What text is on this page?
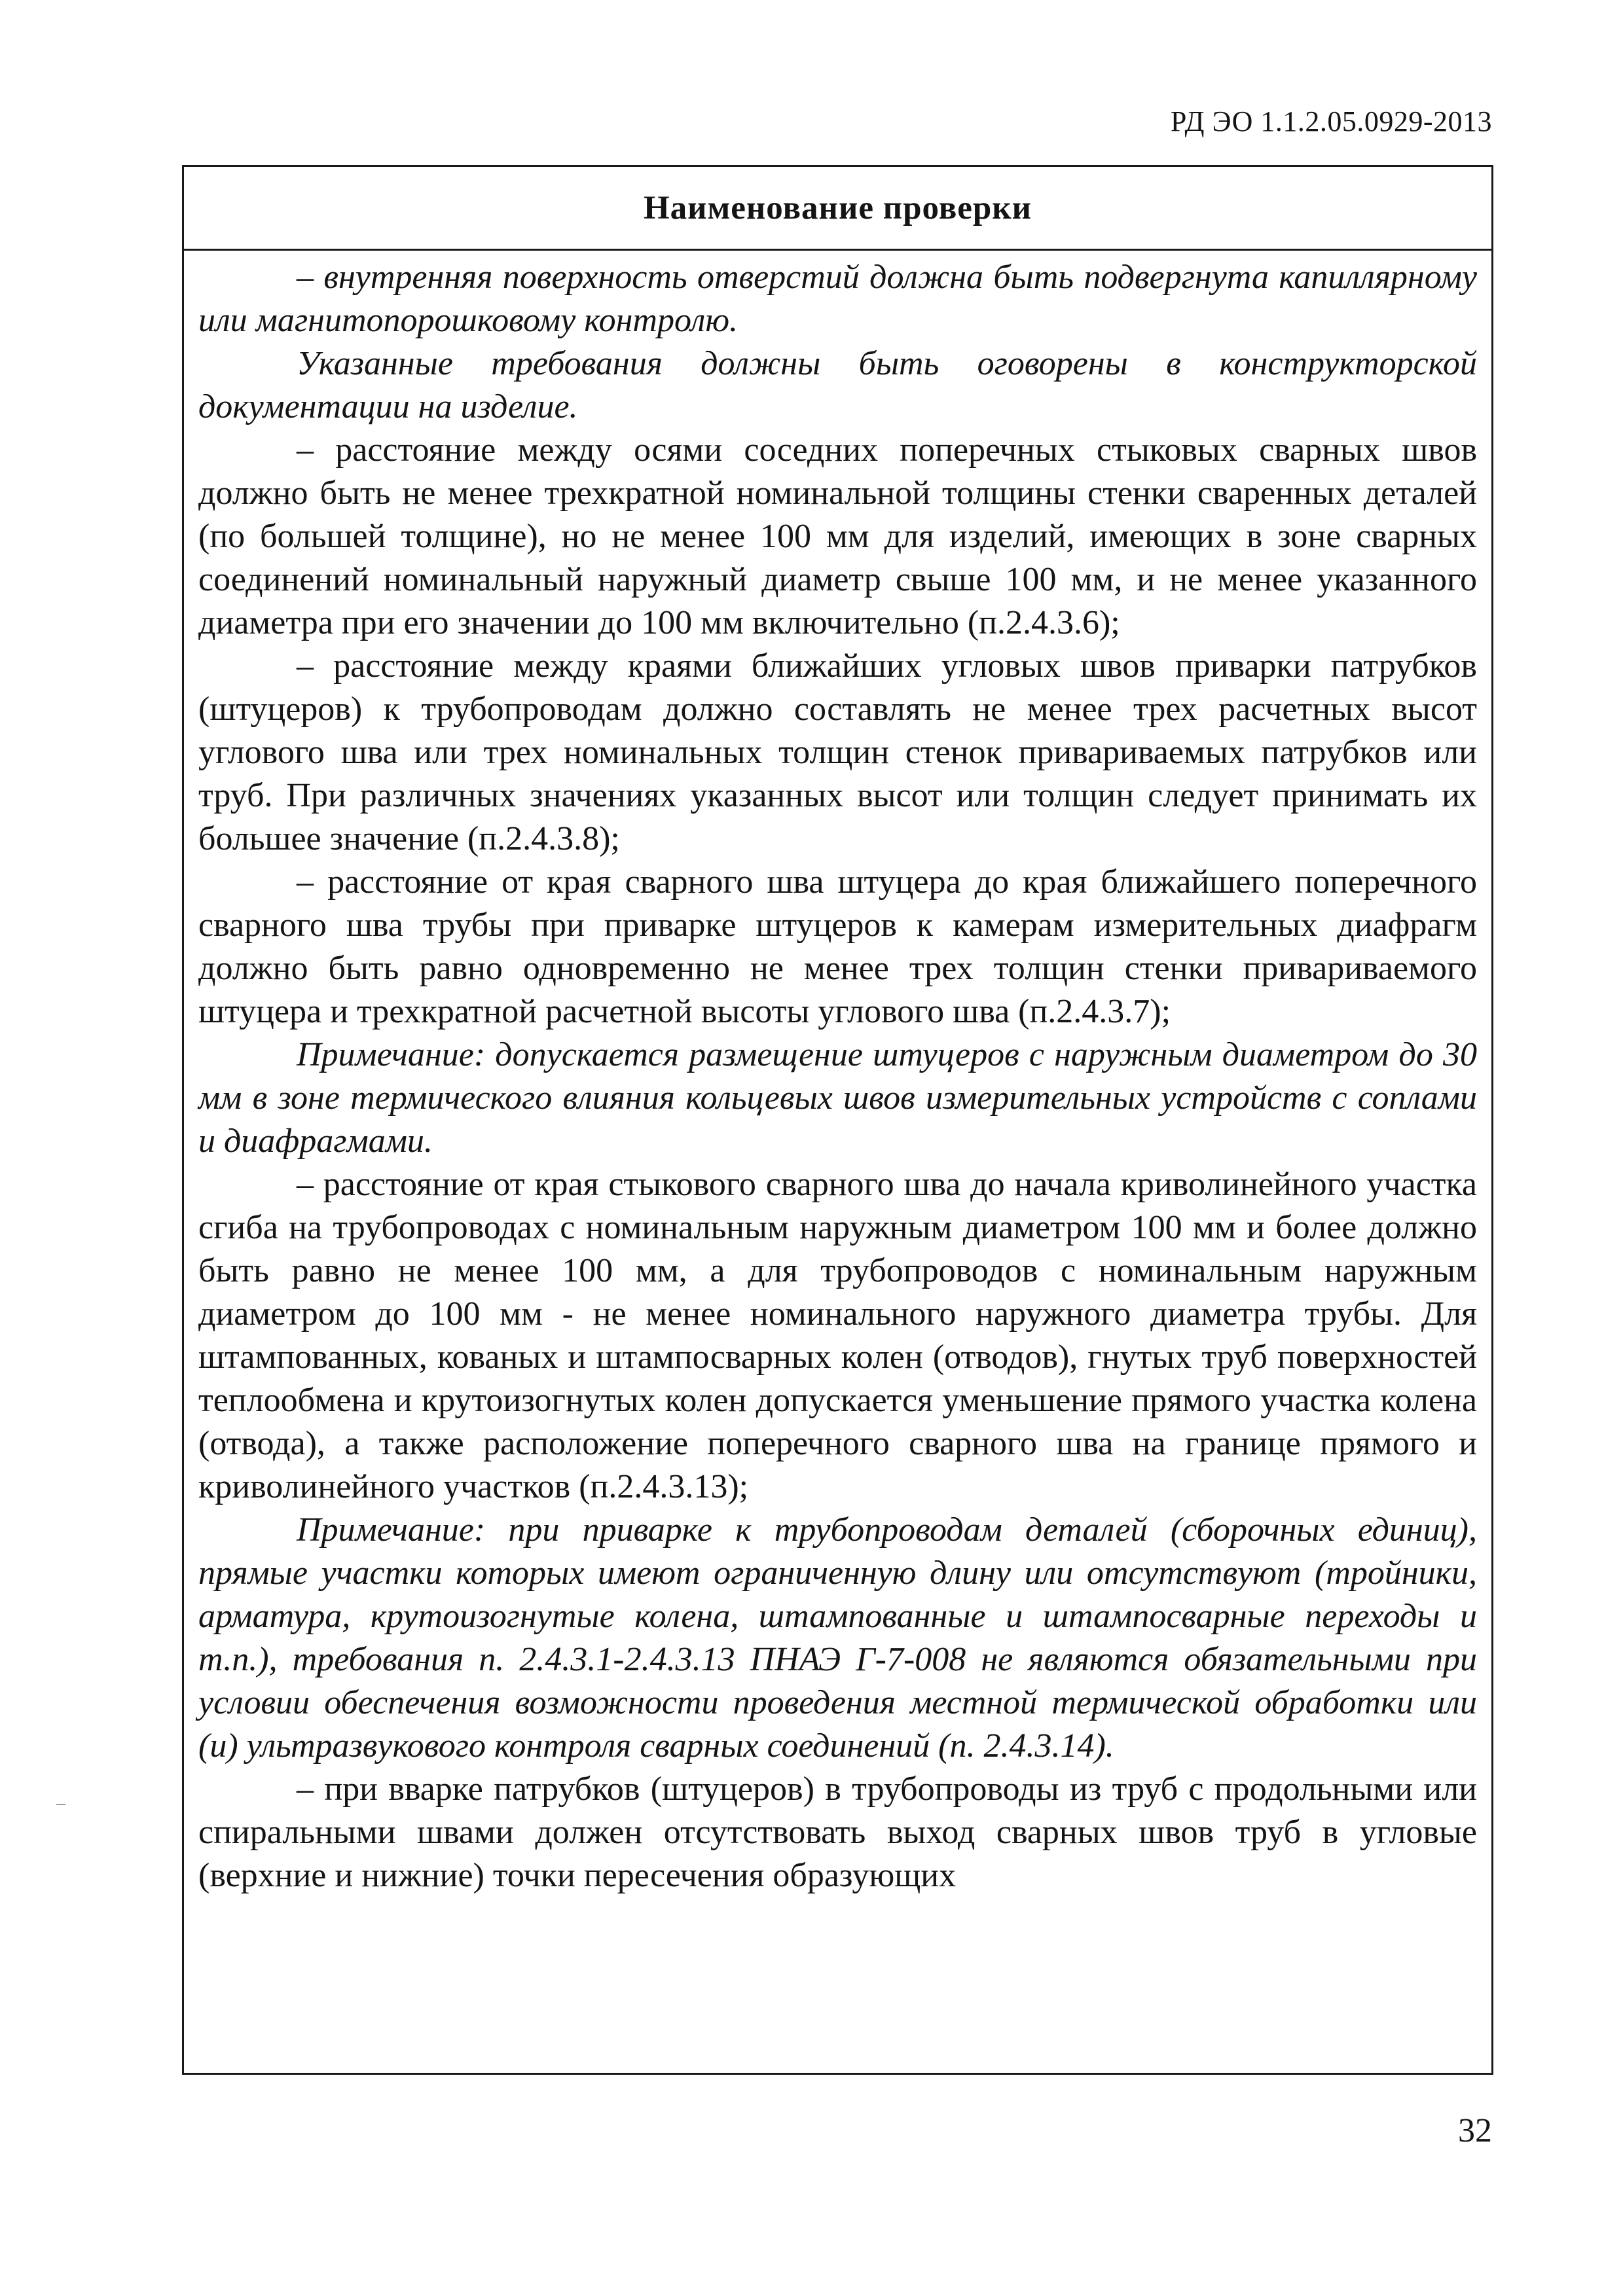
РД ЭО 1.1.2.05.0929-2013
Наименование проверки

– внутренняя поверхность отверстий должна быть подвергнута капиллярному или магнитопорошковому контролю.

Указанные требования должны быть оговорены в конструкторской документации на изделие.

– расстояние между осями соседних поперечных стыковых сварных швов должно быть не менее трехкратной номинальной толщины стенки сваренных деталей (по большей толщине), но не менее 100 мм для изделий, имеющих в зоне сварных соединений номинальный наружный диаметр свыше 100 мм, и не менее указанного диаметра при его значении до 100 мм включительно (п.2.4.3.6);

– расстояние между краями ближайших угловых швов приварки патрубков (штуцеров) к трубопроводам должно составлять не менее трех расчетных высот углового шва или трех номинальных толщин стенок привариваемых патрубков или труб. При различных значениях указанных высот или толщин следует принимать их большее значение (п.2.4.3.8);

– расстояние от края сварного шва штуцера до края ближайшего поперечного сварного шва трубы при приварке штуцеров к камерам измерительных диафрагм должно быть равно одновременно не менее трех толщин стенки привариваемого штуцера и трехкратной расчетной высоты углового шва (п.2.4.3.7);

Примечание: допускается размещение штуцеров с наружным диаметром до 30 мм в зоне термического влияния кольцевых швов измерительных устройств с соплами и диафрагмами.

– расстояние от края стыкового сварного шва до начала криволинейного участка сгиба на трубопроводах с номинальным наружным диаметром 100 мм и более должно быть равно не менее 100 мм, а для трубопроводов с номинальным наружным диаметром до 100 мм - не менее номинального наружного диаметра трубы. Для штампованных, кованых и штампосварных колен (отводов), гнутых труб поверхностей теплообмена и крутоизогнутых колен допускается уменьшение прямого участка колена (отвода), а также расположение поперечного сварного шва на границе прямого и криволинейного участков (п.2.4.3.13);

Примечание: при приварке к трубопроводам деталей (сборочных единиц), прямые участки которых имеют ограниченную длину или отсутствуют (тройники, арматура, крутоизогнутые колена, штампованные и штампосварные переходы и т.п.), требования п. 2.4.3.1-2.4.3.13 ПНАЭ Г-7-008 не являются обязательными при условии обеспечения возможности проведения местной термической обработки или (и) ультразвукового контроля сварных соединений (п. 2.4.3.14).

– при вварке патрубков (штуцеров) в трубопроводы из труб с продольными или спиральными швами должен отсутствовать выход сварных швов труб в угловые (верхние и нижние) точки пересечения образующих

32
